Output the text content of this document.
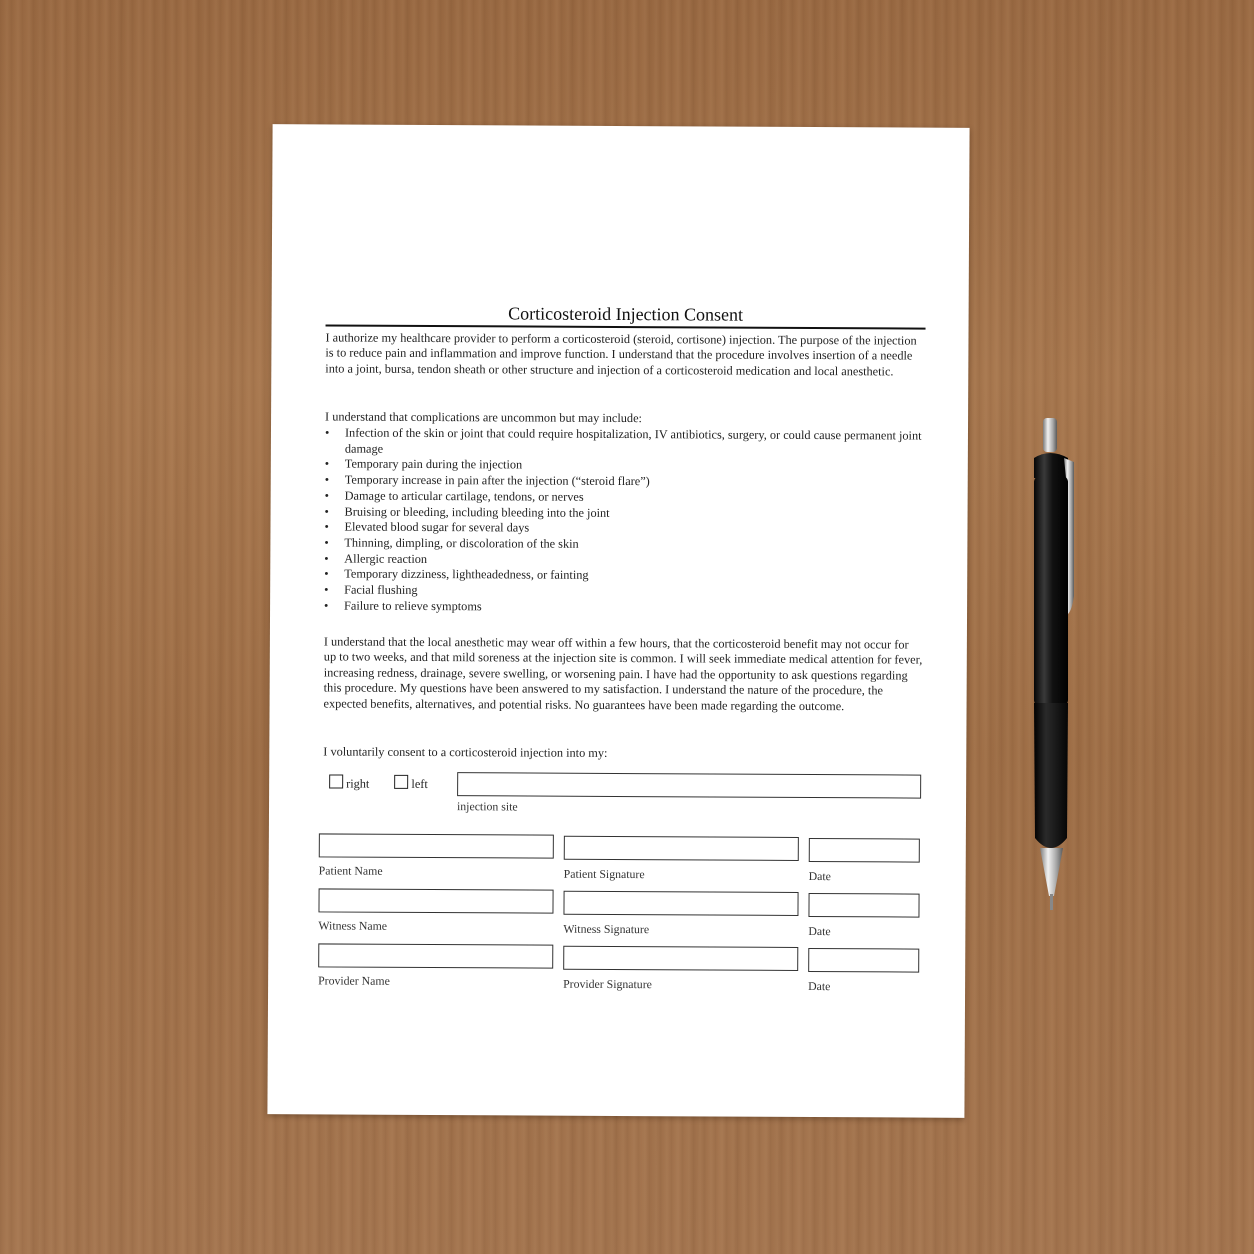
Corticosteroid Injection Consent
I authorize my healthcare provider to perform a corticosteroid (steroid, cortisone) injection. The purpose of the injection is to reduce pain and inflammation and improve function. I understand that the procedure involves insertion of a needle into a joint, bursa, tendon sheath or other structure and injection of a corticosteroid medication and local anesthetic.
I understand that complications are uncommon but may include:
• Infection of the skin or joint that could require hospitalization, IV antibiotics, surgery, or could cause permanent joint damage
• Temporary pain during the injection
• Temporary increase in pain after the injection (“steroid flare”)
• Damage to articular cartilage, tendons, or nerves
• Bruising or bleeding, including bleeding into the joint
• Elevated blood sugar for several days
• Thinning, dimpling, or discoloration of the skin
• Allergic reaction
• Temporary dizziness, lightheadedness, or fainting
• Facial flushing
• Failure to relieve symptoms
I understand that the local anesthetic may wear off within a few hours, that the corticosteroid benefit may not occur for up to two weeks, and that mild soreness at the injection site is common. I will seek immediate medical attention for fever, increasing redness, drainage, severe swelling, or worsening pain. I have had the opportunity to ask questions regarding this procedure. My questions have been answered to my satisfaction. I understand the nature of the procedure, the expected benefits, alternatives, and potential risks. No guarantees have been made regarding the outcome.
I voluntarily consent to a corticosteroid injection into my:
right	left
injection site
Patient Name	Patient Signature	Date
Witness Name	Witness Signature	Date
Provider Name	Provider Signature	Date
